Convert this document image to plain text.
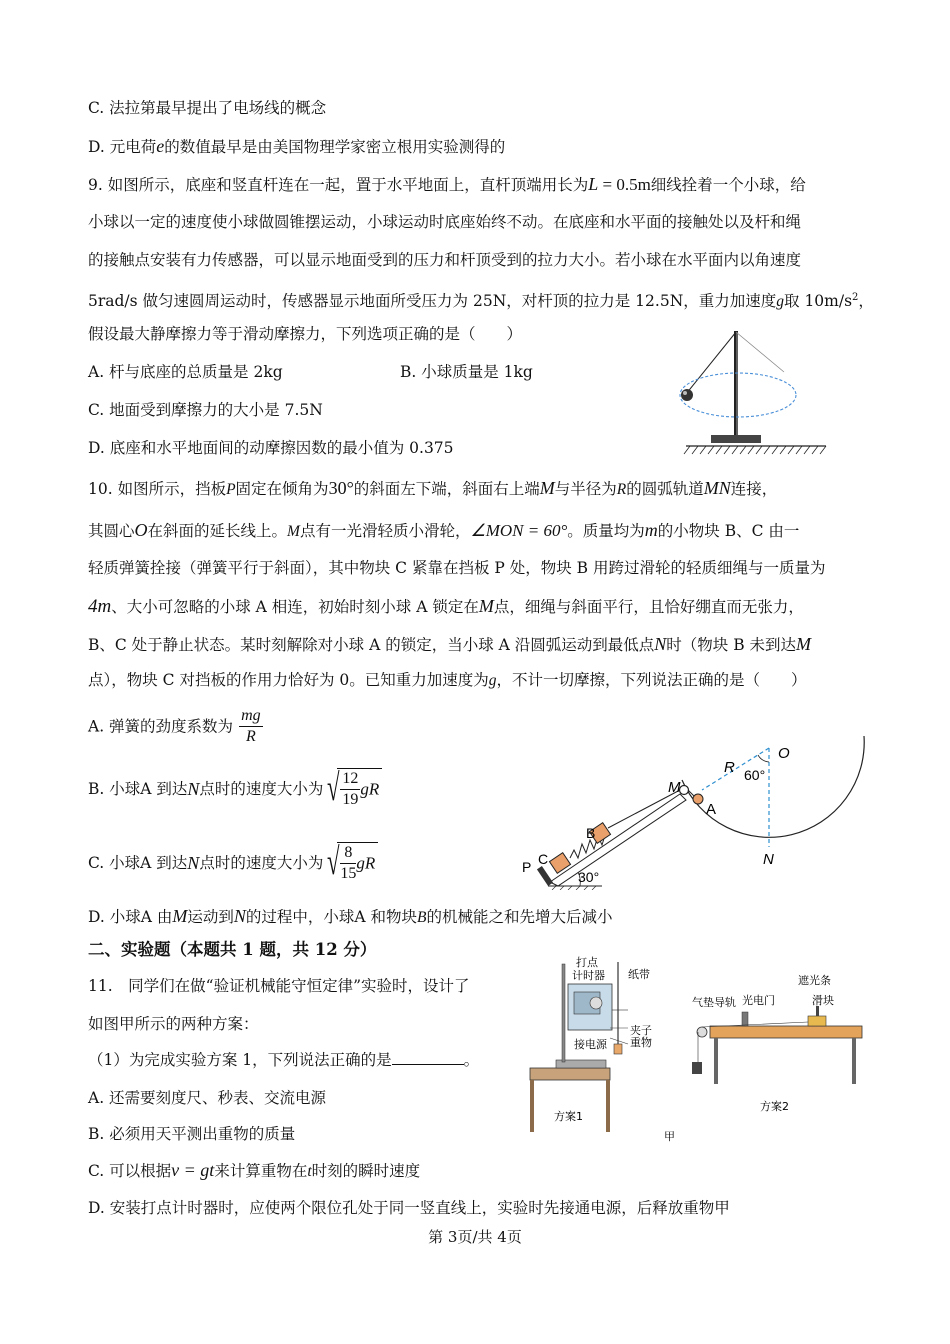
C. 法拉第最早提出了电场线的概念
D. 元电荷e的数值最早是由美国物理学家密立根用实验测得的
9. 如图所示，底座和竖直杆连在一起，置于水平地面上，直杆顶端用长为L = 0.5m细线拴着一个小球，给
小球以一定的速度使小球做圆锥摆运动，小球运动时底座始终不动。在底座和水平面的接触处以及杆和绳
的接触点安装有力传感器，可以显示地面受到的压力和杆顶受到的拉力大小。若小球在水平面内以角速度
5rad/s 做匀速圆周运动时，传感器显示地面所受压力为 25N，对杆顶的拉力是 12.5N，重力加速度g取 $10m/s^2$，
假设最大静摩擦力等于滑动摩擦力，下列选项正确的是（　　）
A. 杆与底座的总质量是 2kg	B. 小球质量是 1kg
C. 地面受到摩擦力的大小是 7.5N
D. 底座和水平地面间的动摩擦因数的最小值为 0.375
10. 如图所示，挡板P固定在倾角为30°的斜面左下端，斜面右上端M与半径为R的圆弧轨道MN连接，
其圆心O在斜面的延长线上。M点有一光滑轻质小滑轮，∠MON = 60°。质量均为m的小物块 B、C 由一
轻质弹簧拴接（弹簧平行于斜面），其中物块 C 紧靠在挡板 P 处，物块 B 用跨过滑轮的轻质细绳与一质量为
4m、大小可忽略的小球 A 相连，初始时刻小球 A 锁定在M点，细绳与斜面平行，且恰好绷直而无张力，
B、C 处于静止状态。某时刻解除对小球 A 的锁定，当小球 A 沿圆弧运动到最低点N时（物块 B 未到达M
点），物块 C 对挡板的作用力恰好为 0。已知重力加速度为g，不计一切摩擦，下列说法正确的是（　　）
A. 弹簧的劲度系数为 $\frac{mg}{R}$
B. 小球A 到达N点时的速度大小为 √ $\frac{12}{19}$ gR
C. 小球A 到达N点时的速度大小为 √ $\frac{8}{15}$ gR
D. 小球A 由M运动到N的过程中，小球A 和物块B的机械能之和先增大后减小
M
A
R
O
60°
N
B
C
P
30°
二、实验题（本题共 1 题，共 12 分）
11.　同学们在做“验证机械能守恒定律”实验时，设计了
如图甲所示的两种方案：
（1）为完成实验方案 1，下列说法正确的是	。
A. 还需要刻度尺、秒表、交流电源
B. 必须用天平测出重物的质量
C. 可以根据v = gt来计算重物在t时刻的瞬时速度
D. 安装打点计时器时，应使两个限位孔处于同一竖直线上，实验时先接通电源，后释放重物甲
打点
计时器 纸带
夹子
接电源 重物
方案1
甲
气垫导轨 光电门
遮光条
滑块
方案2
第 3页/共 4页
